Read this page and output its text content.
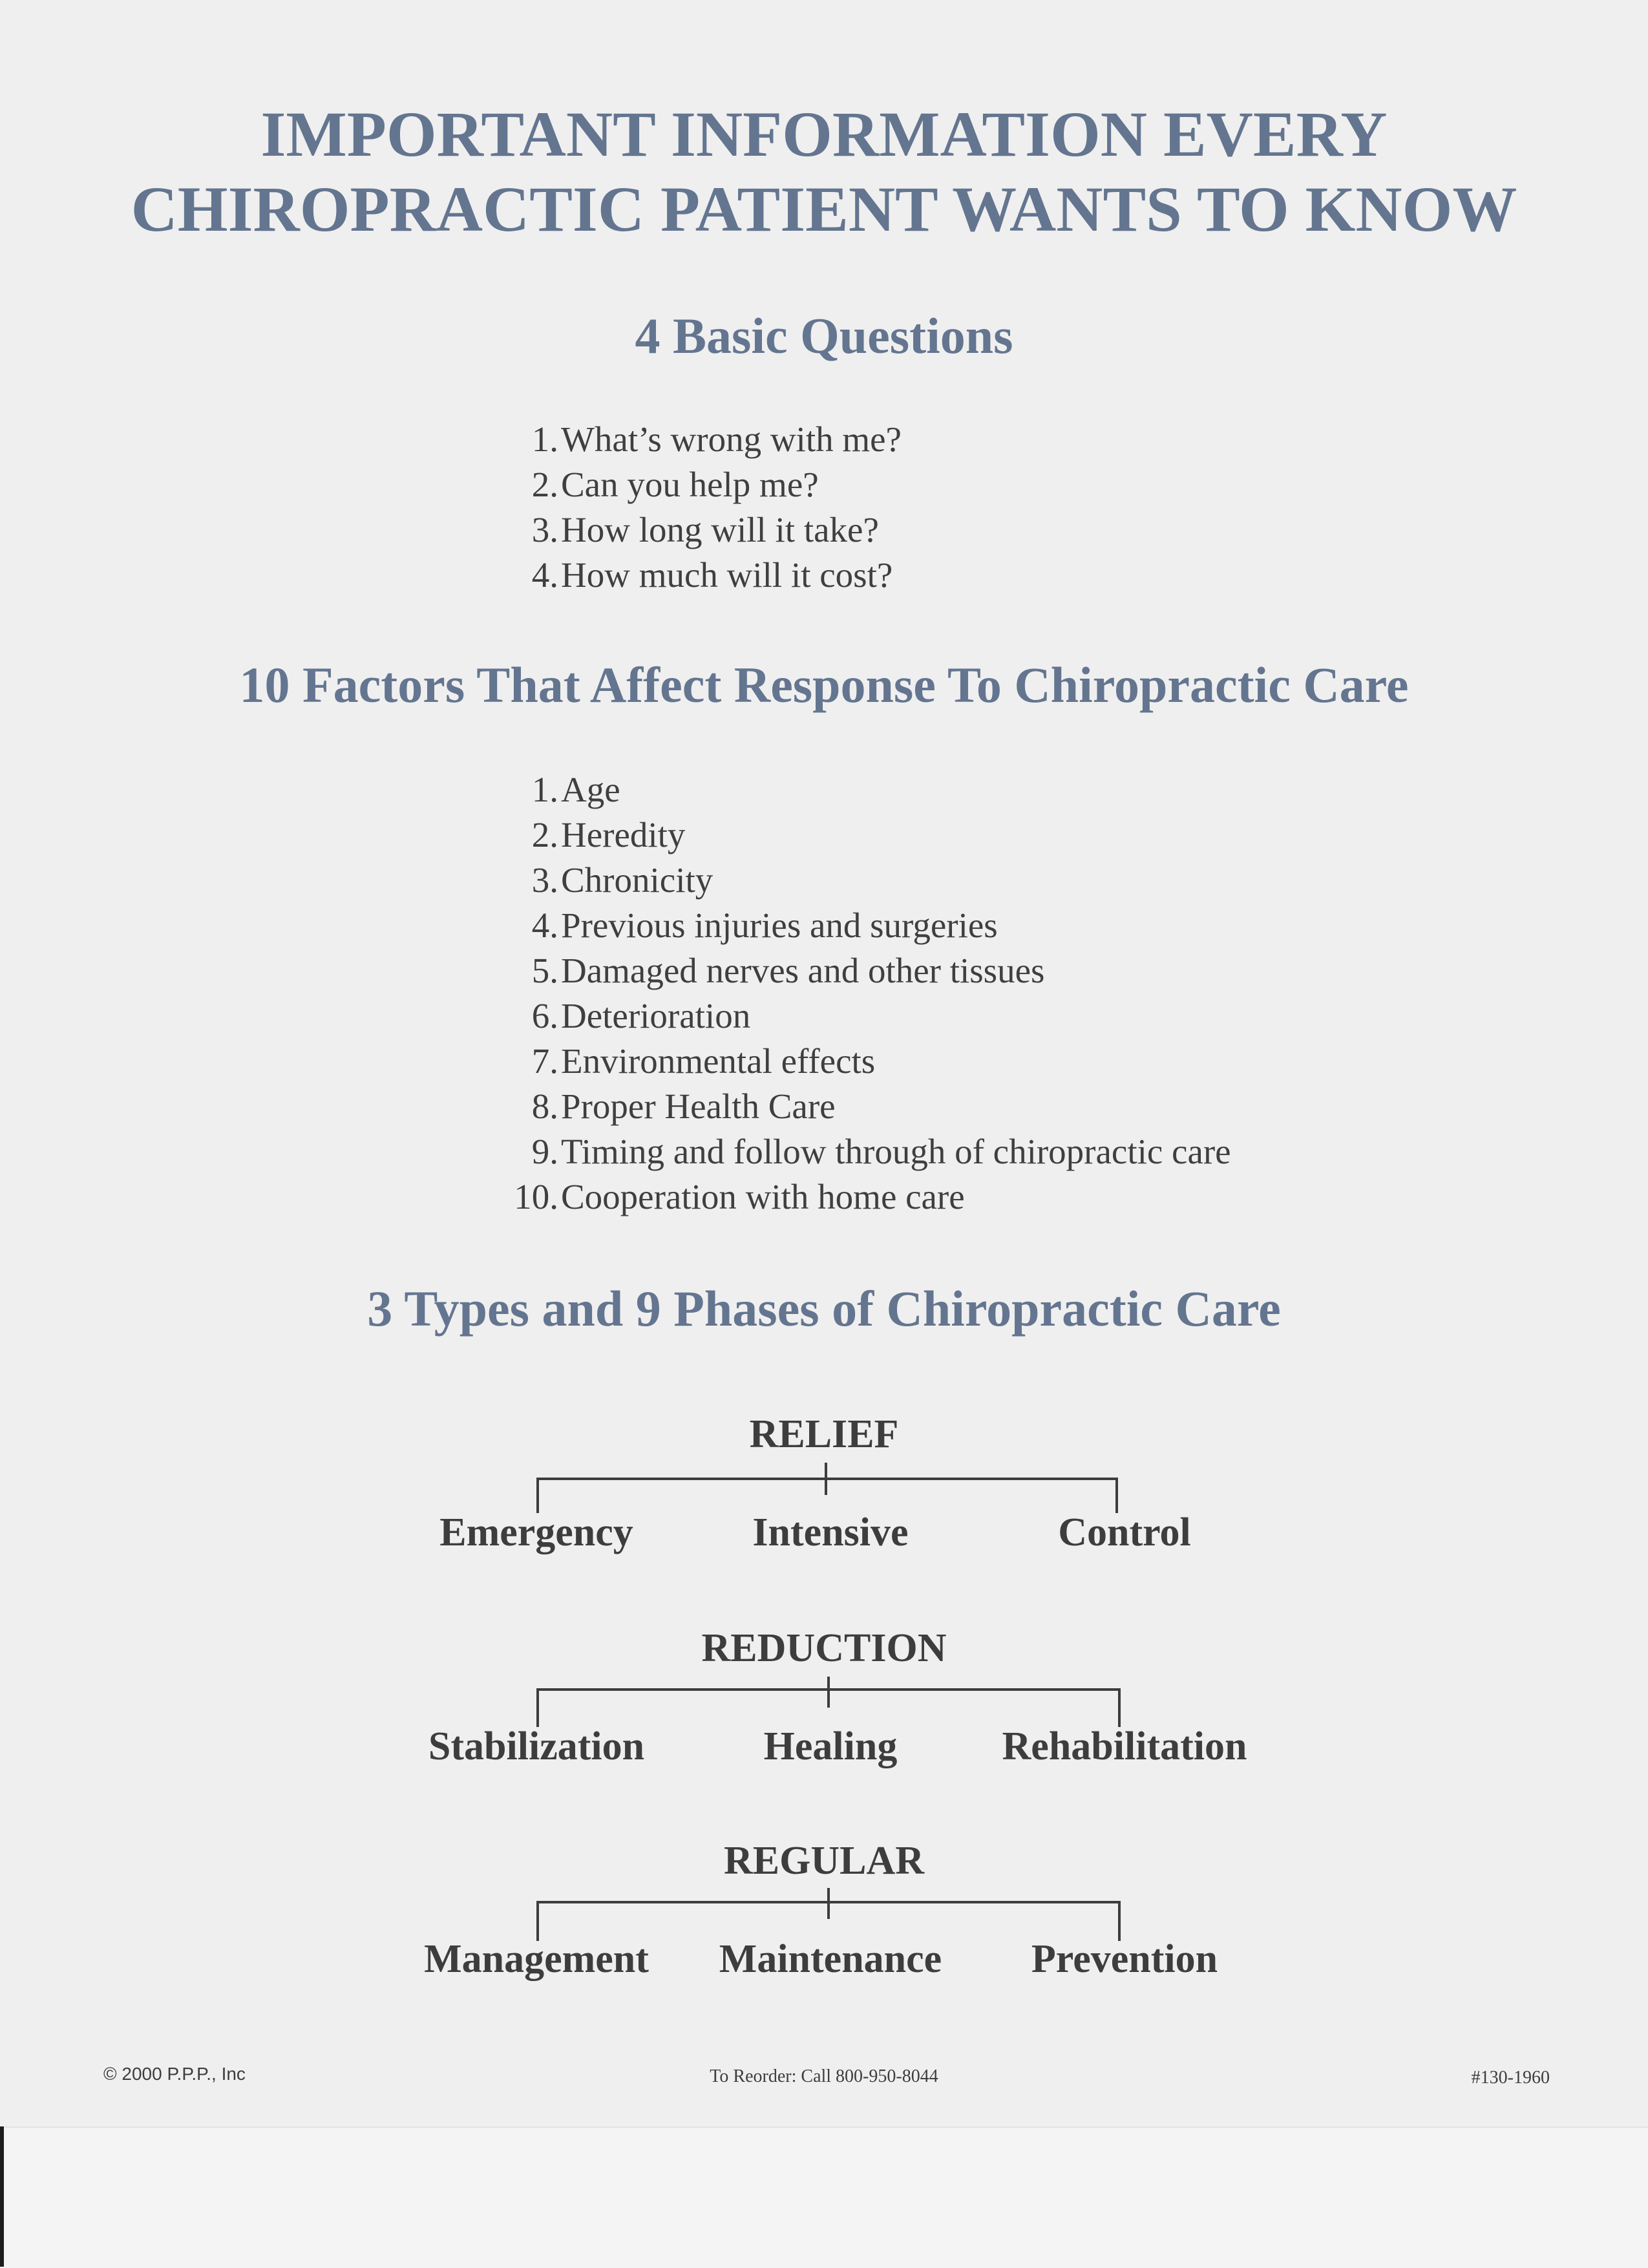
IMPORTANT INFORMATION EVERY
CHIROPRACTIC PATIENT WANTS TO KNOW
4 Basic Questions
1.What’s wrong with me?
2.Can you help me?
3.How long will it take?
4.How much will it cost?
10 Factors That Affect Response To Chiropractic Care
1.Age
2.Heredity
3.Chronicity
4.Previous injuries and surgeries
5.Damaged nerves and other tissues
6.Deterioration
7.Environmental effects
8.Proper Health Care
9.Timing and follow through of chiropractic care
10.Cooperation with home care
3 Types and 9 Phases of Chiropractic Care
RELIEF
Emergency	Intensive	Control
REDUCTION
Stabilization	Healing	Rehabilitation
REGULAR
Management	Maintenance	Prevention
© 2000 P.P.P., Inc	To Reorder: Call 800-950-8044	#130-1960
